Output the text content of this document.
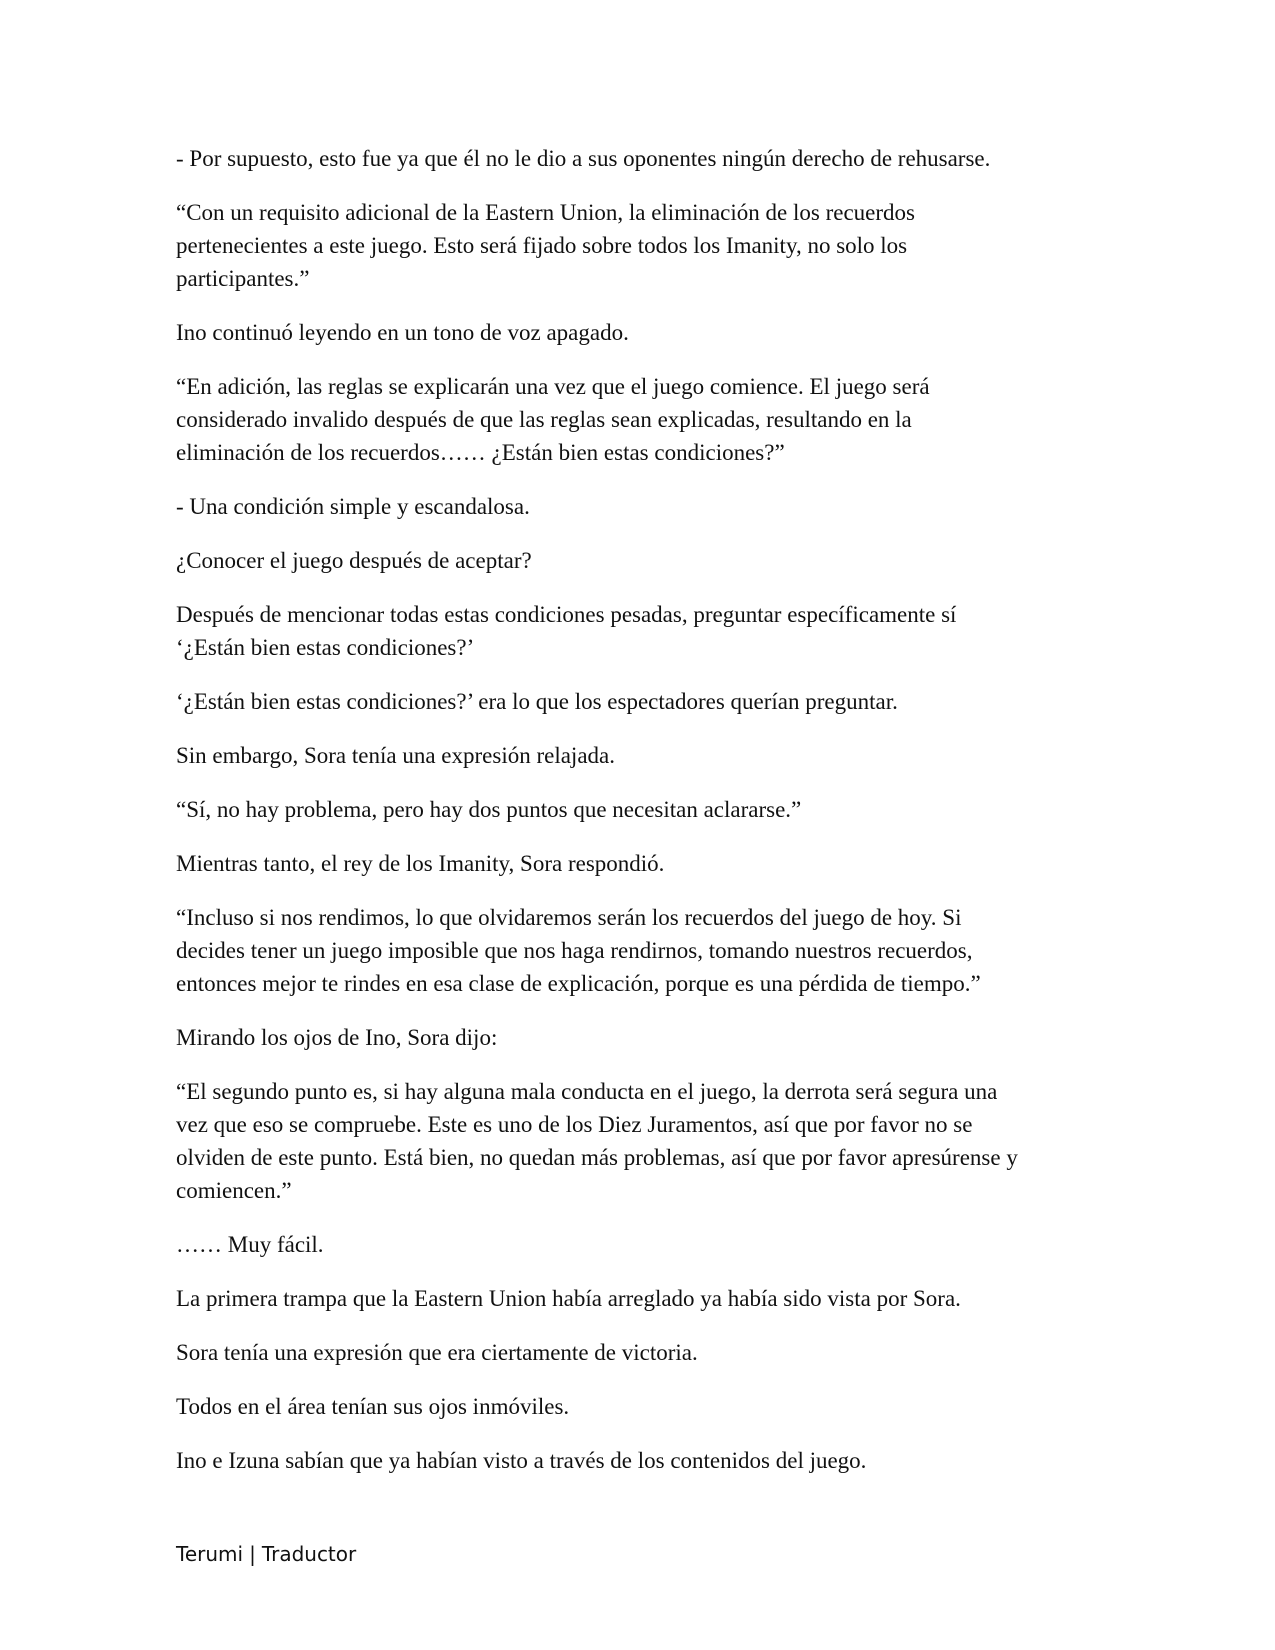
- Por supuesto, esto fue ya que él no le dio a sus oponentes ningún derecho de rehusarse.

“Con un requisito adicional de la Eastern Union, la eliminación de los recuerdos
pertenecientes a este juego. Esto será fijado sobre todos los Imanity, no solo los
participantes.”

Ino continuó leyendo en un tono de voz apagado.

“En adición, las reglas se explicarán una vez que el juego comience. El juego será
considerado invalido después de que las reglas sean explicadas, resultando en la
eliminación de los recuerdos…… ¿Están bien estas condiciones?”

- Una condición simple y escandalosa.

¿Conocer el juego después de aceptar?

Después de mencionar todas estas condiciones pesadas, preguntar específicamente sí
‘¿Están bien estas condiciones?’

‘¿Están bien estas condiciones?’ era lo que los espectadores querían preguntar.

Sin embargo, Sora tenía una expresión relajada.

“Sí, no hay problema, pero hay dos puntos que necesitan aclararse.”

Mientras tanto, el rey de los Imanity, Sora respondió.

“Incluso si nos rendimos, lo que olvidaremos serán los recuerdos del juego de hoy. Si
decides tener un juego imposible que nos haga rendirnos, tomando nuestros recuerdos,
entonces mejor te rindes en esa clase de explicación, porque es una pérdida de tiempo.”

Mirando los ojos de Ino, Sora dijo:

“El segundo punto es, si hay alguna mala conducta en el juego, la derrota será segura una
vez que eso se compruebe. Este es uno de los Diez Juramentos, así que por favor no se
olviden de este punto. Está bien, no quedan más problemas, así que por favor apresúrense y
comiencen.”

…… Muy fácil.

La primera trampa que la Eastern Union había arreglado ya había sido vista por Sora.

Sora tenía una expresión que era ciertamente de victoria.

Todos en el área tenían sus ojos inmóviles.

Ino e Izuna sabían que ya habían visto a través de los contenidos del juego.

Terumi | Traductor
